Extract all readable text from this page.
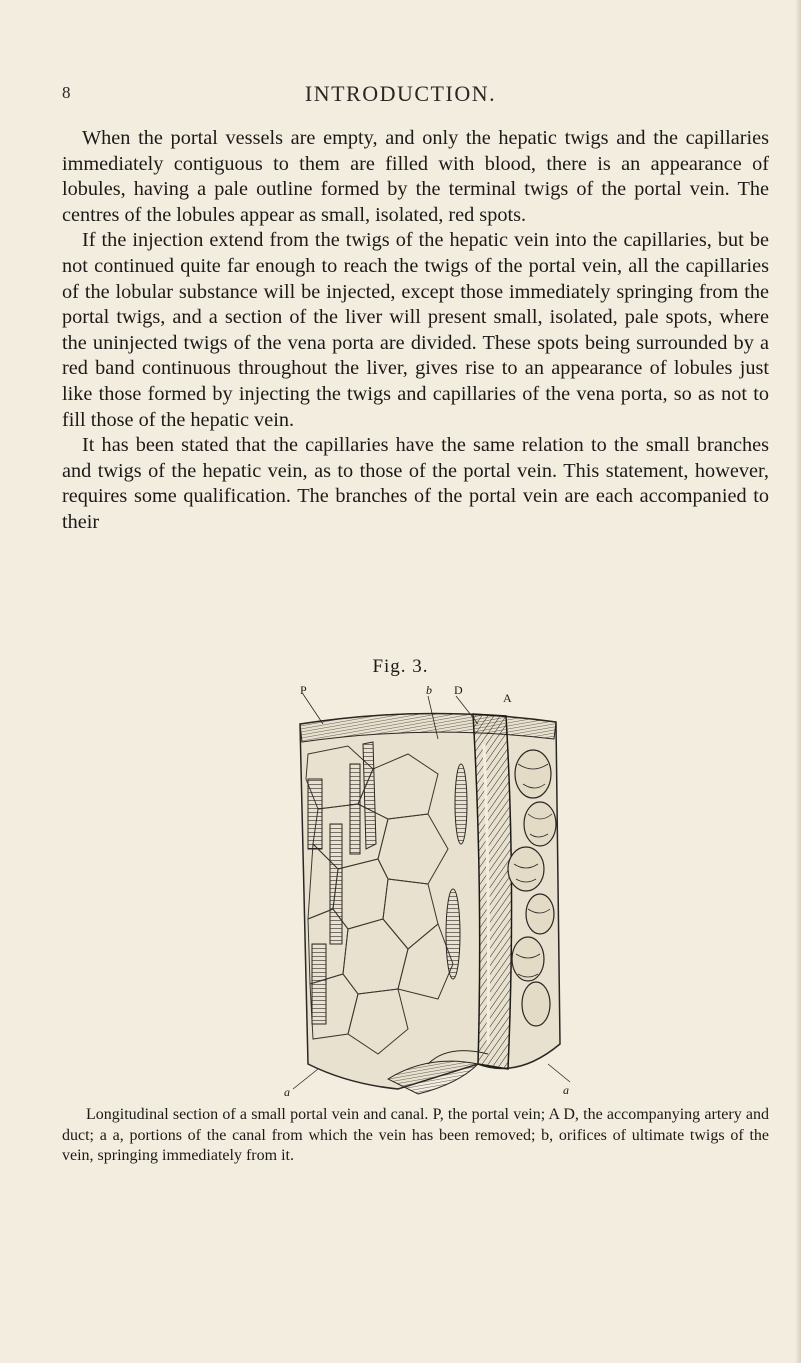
8	INTRODUCTION.

When the portal vessels are empty, and only the hepatic twigs and the capillaries immediately contiguous to them are filled with blood, there is an appearance of lobules, having a pale outline formed by the terminal twigs of the portal vein. The centres of the lobules appear as small, isolated, red spots.

If the injection extend from the twigs of the hepatic vein into the capillaries, but be not continued quite far enough to reach the twigs of the portal vein, all the capillaries of the lobular substance will be injected, except those immediately springing from the portal twigs, and a section of the liver will present small, isolated, pale spots, where the uninjected twigs of the vena porta are divided. These spots being surrounded by a red band continuous throughout the liver, gives rise to an appearance of lobules just like those formed by injecting the twigs and capillaries of the vena porta, so as not to fill those of the hepatic vein.

It has been stated that the capillaries have the same relation to the small branches and twigs of the hepatic vein, as to those of the portal vein. This statement, however, requires some qualification. The branches of the portal vein are each accompanied to their

Fig. 3.
P	b D
A
a	a
Longitudinal section of a small portal vein and canal. P, the portal vein; A D, the accompanying artery and duct; a a, portions of the canal from which the vein has been removed; b, orifices of ultimate twigs of the vein, springing immediately from it.
